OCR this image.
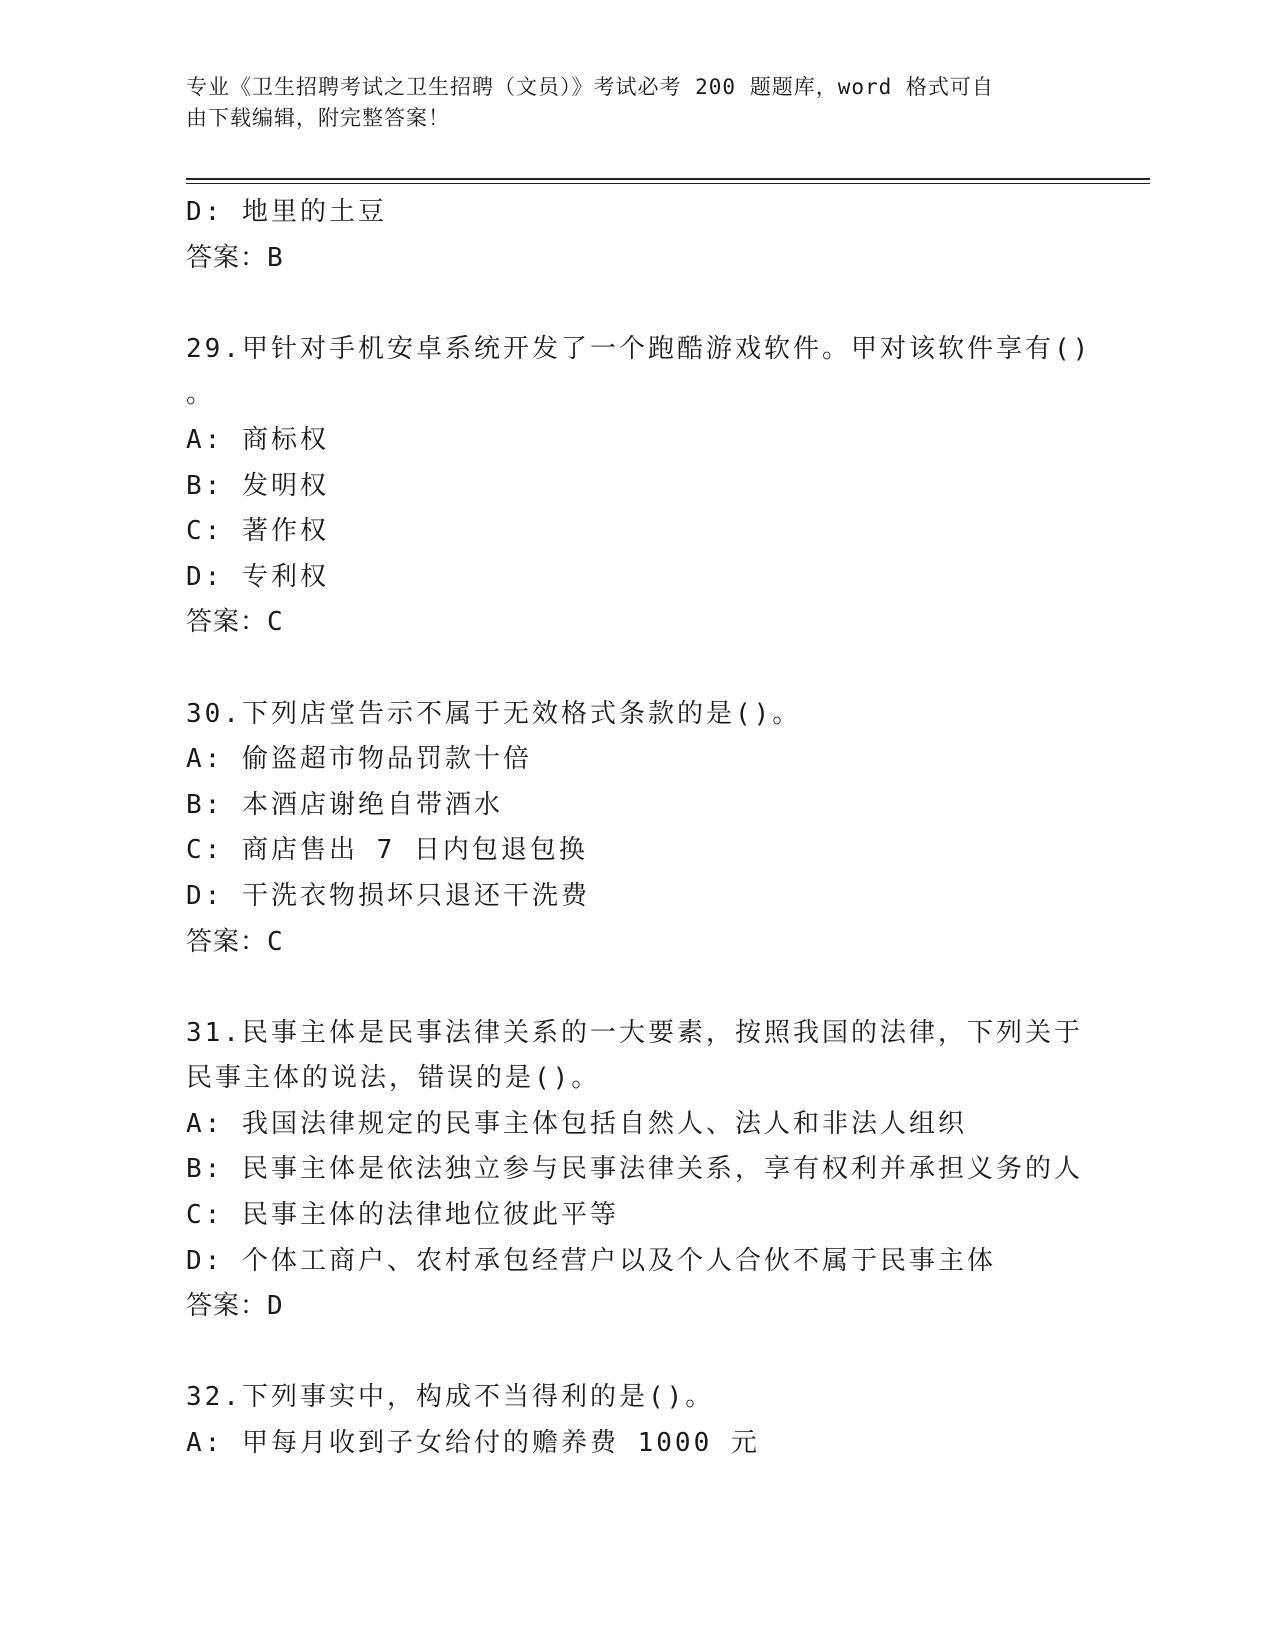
专业《卫生招聘考试之卫生招聘（文员）》考试必考 200 题题库，word 格式可自
由下载编辑，附完整答案！
D: 地里的土豆
答案：B
29.甲针对手机安卓系统开发了一个跑酷游戏软件。甲对该软件享有()
。
A: 商标权
B: 发明权
C: 著作权
D: 专利权
答案：C
30.下列店堂告示不属于无效格式条款的是()。
A: 偷盗超市物品罚款十倍
B: 本酒店谢绝自带酒水
C: 商店售出 7 日内包退包换
D: 干洗衣物损坏只退还干洗费
答案：C
31.民事主体是民事法律关系的一大要素，按照我国的法律，下列关于
民事主体的说法，错误的是()。
A: 我国法律规定的民事主体包括自然人、法人和非法人组织
B: 民事主体是依法独立参与民事法律关系，享有权利并承担义务的人
C: 民事主体的法律地位彼此平等
D: 个体工商户、农村承包经营户以及个人合伙不属于民事主体
答案：D
32.下列事实中，构成不当得利的是()。
A: 甲每月收到子女给付的赡养费 1000 元
